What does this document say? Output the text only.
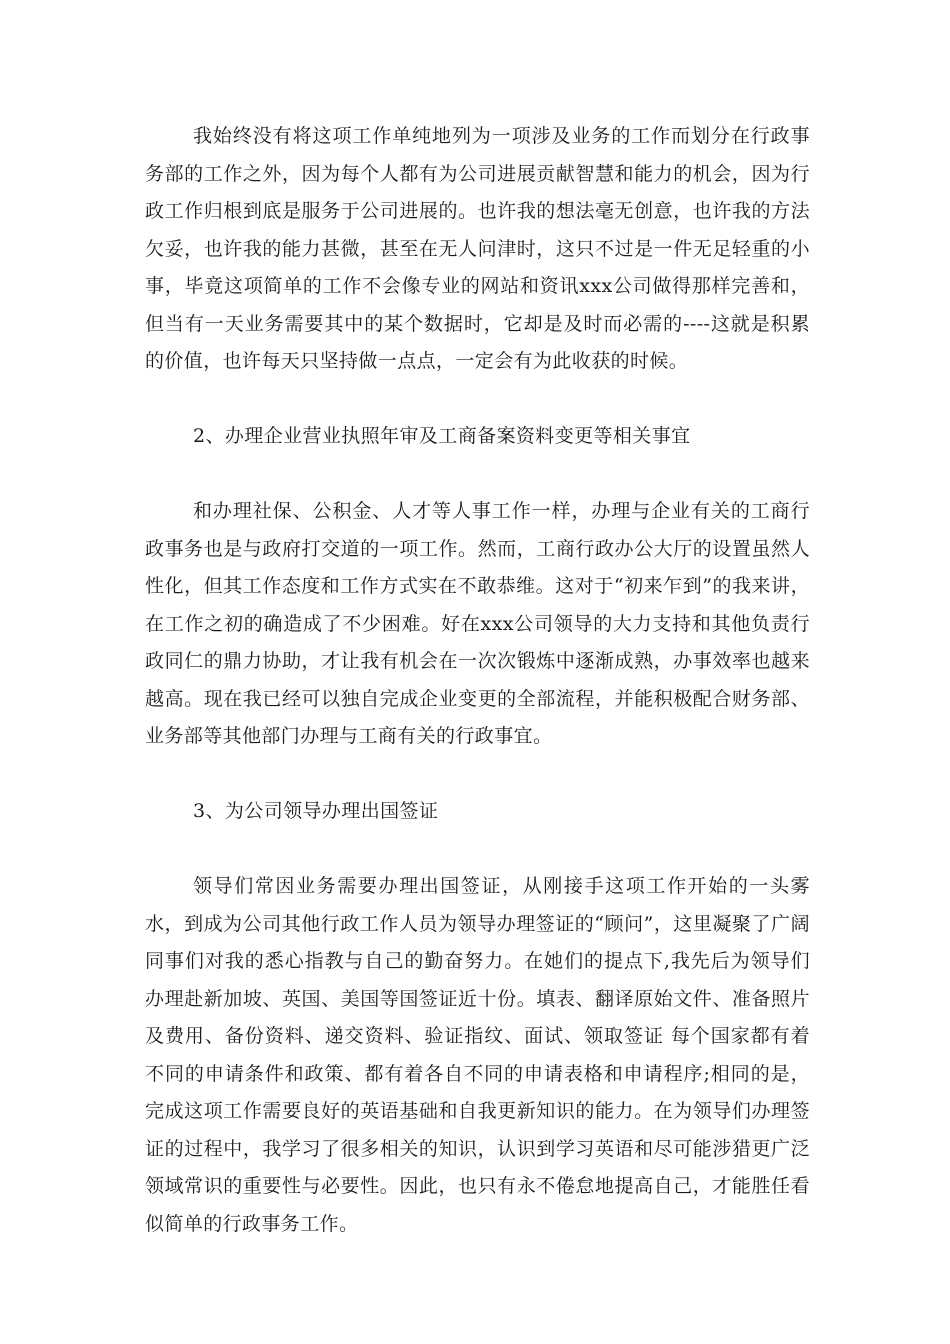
我始终没有将这项工作单纯地列为一项涉及业务的工作而划分在行政事务部的工作之外，因为每个人都有为公司进展贡献智慧和能力的机会，因为行政工作归根到底是服务于公司进展的。也许我的想法毫无创意，也许我的方法欠妥，也许我的能力甚微，甚至在无人问津时，这只不过是一件无足轻重的小事，毕竟这项简单的工作不会像专业的网站和资讯xxx公司做得那样完善和，但当有一天业务需要其中的某个数据时，它却是及时而必需的----这就是积累的价值，也许每天只坚持做一点点，一定会有为此收获的时候。

2、办理企业营业执照年审及工商备案资料变更等相关事宜

和办理社保、公积金、人才等人事工作一样，办理与企业有关的工商行政事务也是与政府打交道的一项工作。然而，工商行政办公大厅的设置虽然人性化，但其工作态度和工作方式实在不敢恭维。这对于“初来乍到”的我来讲，在工作之初的确造成了不少困难。好在xxx公司领导的大力支持和其他负责行政同仁的鼎力协助，才让我有机会在一次次锻炼中逐渐成熟，办事效率也越来越高。现在我已经可以独自完成企业变更的全部流程，并能积极配合财务部、业务部等其他部门办理与工商有关的行政事宜。

3、为公司领导办理出国签证

领导们常因业务需要办理出国签证，从刚接手这项工作开始的一头雾水，到成为公司其他行政工作人员为领导办理签证的“顾问”，这里凝聚了广阔同事们对我的悉心指教与自己的勤奋努力。在她们的提点下,我先后为领导们办理赴新加坡、英国、美国等国签证近十份。填表、翻译原始文件、准备照片及费用、备份资料、递交资料、验证指纹、面试、领取签证 每个国家都有着不同的申请条件和政策、都有着各自不同的申请表格和申请程序;相同的是，完成这项工作需要良好的英语基础和自我更新知识的能力。在为领导们办理签证的过程中，我学习了很多相关的知识，认识到学习英语和尽可能涉猎更广泛领域常识的重要性与必要性。因此，也只有永不倦怠地提高自己，才能胜任看似简单的行政事务工作。
